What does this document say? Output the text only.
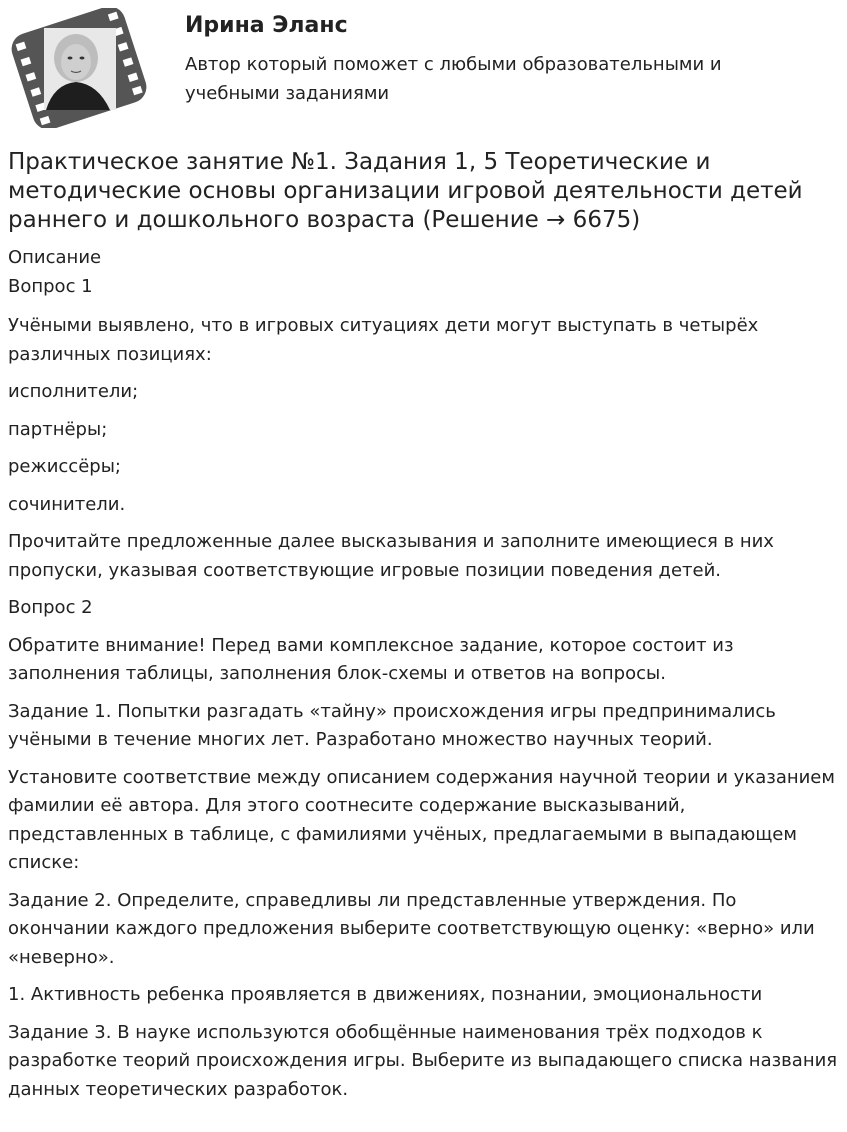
Ирина Эланс

Автор который поможет с любыми образовательными и учебными заданиями

Практическое занятие №1. Задания 1, 5 Теоретические и методические основы организации игровой деятельности детей раннего и дошкольного возраста (Решение → 6675)
Описание
Вопрос 1

Учёными выявлено, что в игровых ситуациях дети могут выступать в четырёх различных позициях:

исполнители;

партнёры;

режиссёры;

сочинители.

Прочитайте предложенные далее высказывания и заполните имеющиеся в них пропуски, указывая соответствующие игровые позиции поведения детей.

Вопрос 2

Обратите внимание! Перед вами комплексное задание, которое состоит из заполнения таблицы, заполнения блок-схемы и ответов на вопросы.

Задание 1. Попытки разгадать «тайну» происхождения игры предпринимались учёными в течение многих лет. Разработано множество научных теорий.

Установите соответствие между описанием содержания научной теории и указанием фамилии её автора. Для этого соотнесите содержание высказываний, представленных в таблице, с фамилиями учёных, предлагаемыми в выпадающем списке:

Задание 2. Определите, справедливы ли представленные утверждения. По окончании каждого предложения выберите соответствующую оценку: «верно» или «неверно».

1. Активность ребенка проявляется в движениях, познании, эмоциональности

Задание 3. В науке используются обобщённые наименования трёх подходов к разработке теорий происхождения игры. Выберите из выпадающего списка названия данных теоретических разработок.
